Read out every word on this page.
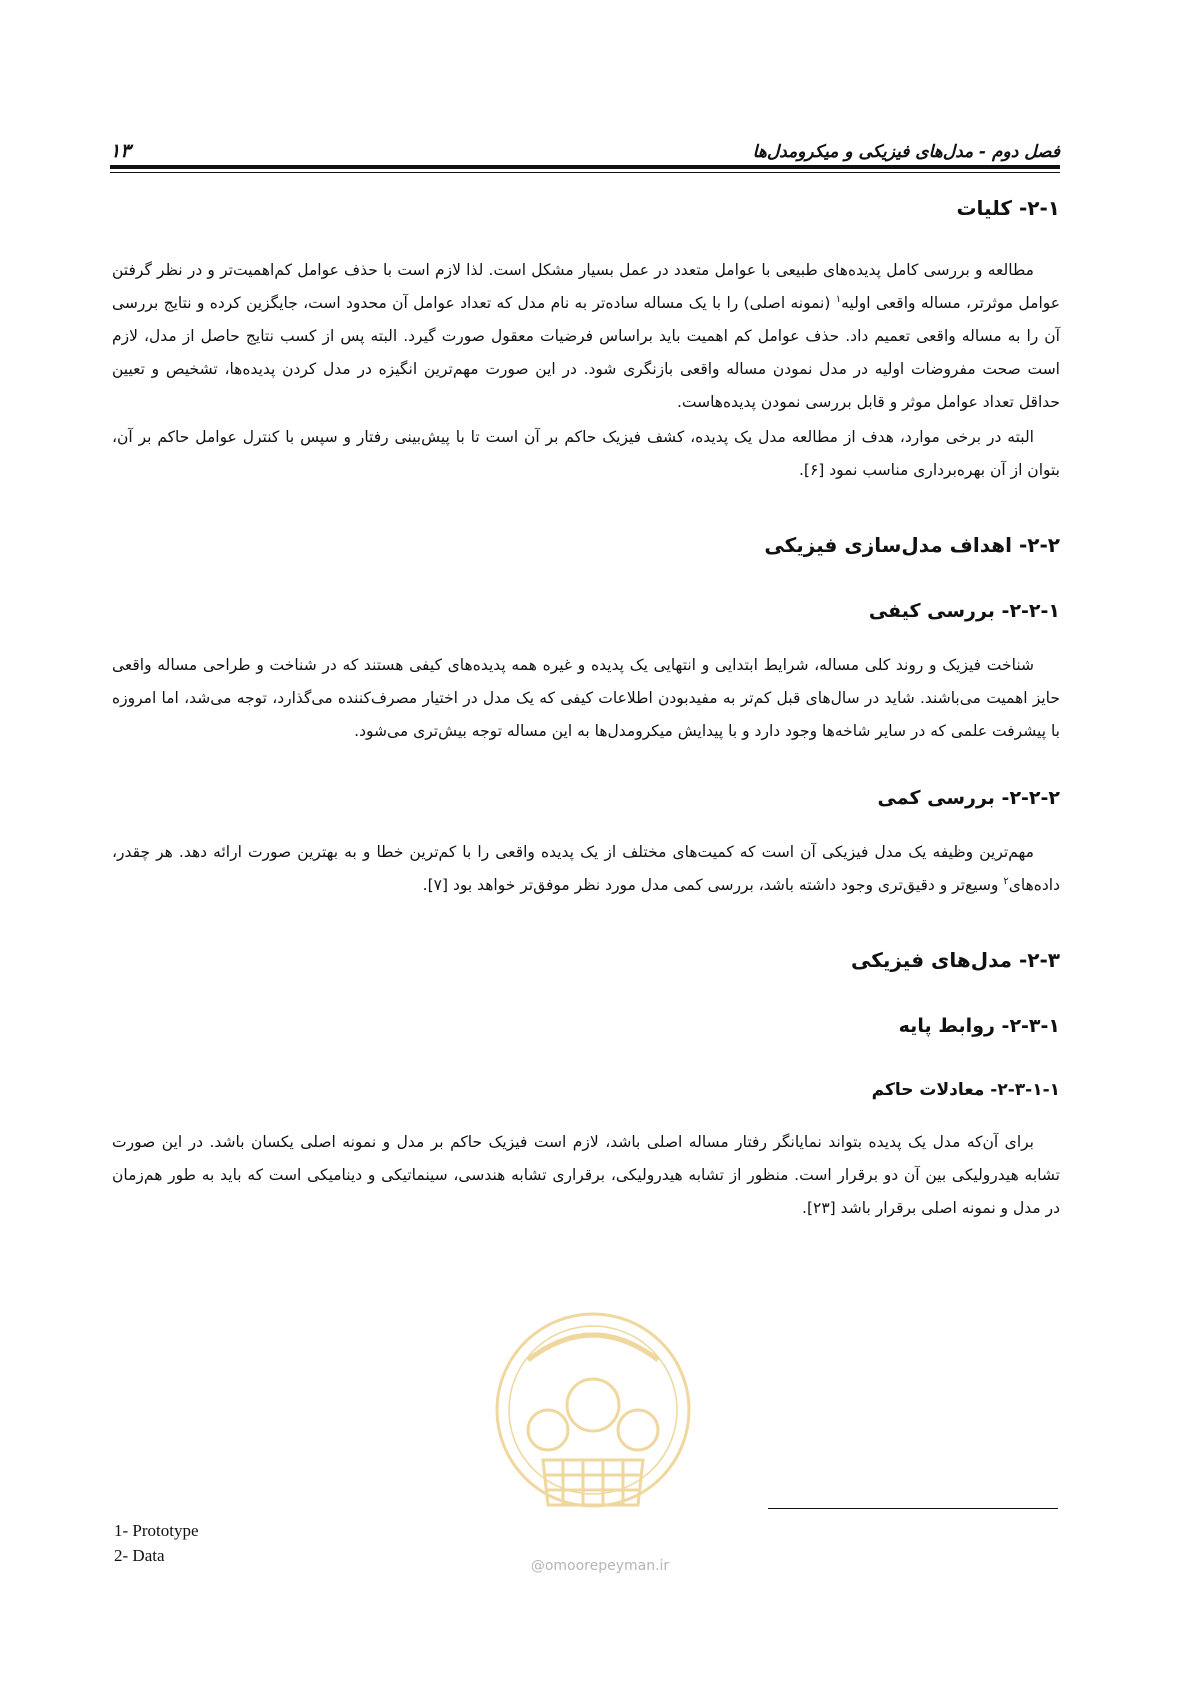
فصل دوم - مدل‌های فیزیکی و میکرومدل‌ها
۱۳
۲-۱- کلیات

مطالعه و بررسی کامل پدیده‌های طبیعی با عوامل متعدد در عمل بسیار مشکل است. لذا لازم است با حذف عوامل کم‌اهمیت‌تر و در نظر گرفتن عوامل موثرتر، مساله واقعی اولیه$^۱$ (نمونه اصلی) را با یک مساله ساده‌تر به نام مدل که تعداد عوامل آن محدود است، جایگزین کرده و نتایج بررسی آن را به مساله واقعی تعمیم داد. حذف عوامل کم اهمیت باید براساس فرضیات معقول صورت گیرد. البته پس از کسب نتایج حاصل از مدل، لازم است صحت مفروضات اولیه در مدل نمودن مساله واقعی بازنگری شود. در این صورت مهم‌ترین انگیزه در مدل کردن پدیده‌ها، تشخیص و تعیین حداقل تعداد عوامل موثر و قابل بررسی نمودن پدیده‌هاست.

البته در برخی موارد، هدف از مطالعه مدل یک پدیده، کشف فیزیک حاکم بر آن است تا با پیش‌بینی رفتار و سپس با کنترل عوامل حاکم بر آن، بتوان از آن بهره‌برداری مناسب نمود [۶].

۲-۲- اهداف مدل‌سازی فیزیکی
۲-۲-۱- بررسی کیفی

شناخت فیزیک و روند کلی مساله، شرایط ابتدایی و انتهایی یک پدیده و غیره همه پدیده‌های کیفی هستند که در شناخت و طراحی مساله واقعی حایز اهمیت می‌باشند. شاید در سال‌های قبل کم‌تر به مفیدبودن اطلاعات کیفی که یک مدل در اختیار مصرف‌کننده می‌گذارد، توجه می‌شد، اما امروزه با پیشرفت علمی که در سایر شاخه‌ها وجود دارد و با پیدایش میکرومدل‌ها به این مساله توجه بیش‌تری می‌شود.

۲-۲-۲- بررسی کمی

مهم‌ترین وظیفه یک مدل فیزیکی آن است که کمیت‌های مختلف از یک پدیده واقعی را با کم‌ترین خطا و به بهترین صورت ارائه دهد. هر چقدر، داده‌های$^۲$ وسیع‌تر و دقیق‌تری وجود داشته باشد، بررسی کمی مدل مورد نظر موفق‌تر خواهد بود [۷].

۲-۳- مدل‌های فیزیکی
۲-۳-۱- روابط پایه
۲-۳-۱-۱- معادلات حاکم

برای آن‌که مدل یک پدیده بتواند نمایانگر رفتار مساله اصلی باشد، لازم است فیزیک حاکم بر مدل و نمونه اصلی یکسان باشد. در این صورت تشابه هیدرولیکی بین آن دو برقرار است. منظور از تشابه هیدرولیکی، برقراری تشابه هندسی، سینماتیکی و دینامیکی است که باید به طور هم‌زمان در مدل و نمونه اصلی برقرار باشد [۲۳].

@omoorepeyman.ir
1- Prototype
2- Data
